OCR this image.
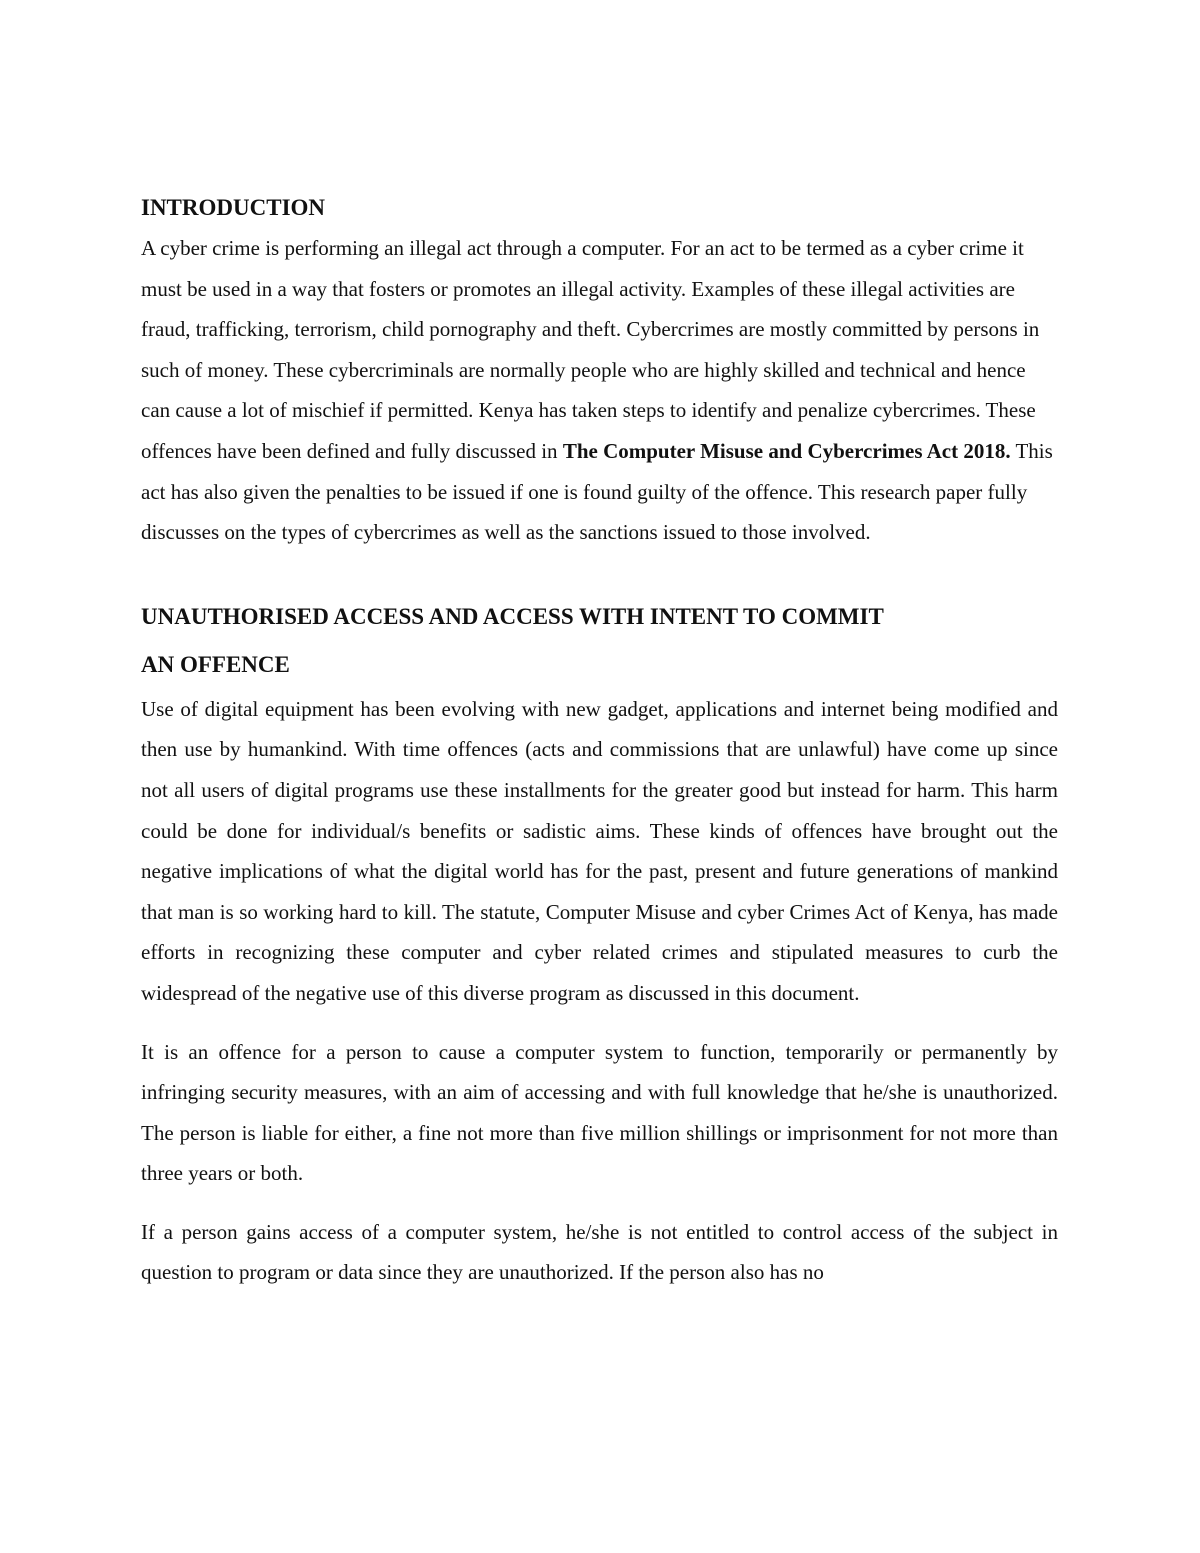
INTRODUCTION

A cyber crime is performing an illegal act through a computer. For an act to be termed as a cyber crime it must be used in a way that fosters or promotes an illegal activity. Examples of these illegal activities are fraud, trafficking, terrorism, child pornography and theft. Cybercrimes are mostly committed by persons in such of money. These cybercriminals are normally people who are highly skilled and technical and hence can cause a lot of mischief if permitted. Kenya has taken steps to identify and penalize cybercrimes. These offences have been defined and fully discussed in The Computer Misuse and Cybercrimes Act 2018. This act has also given the penalties to be issued if one is found guilty of the offence. This research paper fully discusses on the types of cybercrimes as well as the sanctions issued to those involved.

UNAUTHORISED ACCESS AND ACCESS WITH INTENT TO COMMIT
AN OFFENCE

Use of digital equipment has been evolving with new gadget, applications and internet being modified and then use by humankind. With time offences (acts and commissions that are unlawful) have come up since not all users of digital programs use these installments for the greater good but instead for harm. This harm could be done for individual/s benefits or sadistic aims. These kinds of offences have brought out the negative implications of what the digital world has for the past, present and future generations of mankind that man is so working hard to kill. The statute, Computer Misuse and cyber Crimes Act of Kenya, has made efforts in recognizing these computer and cyber related crimes and stipulated measures to curb the widespread of the negative use of this diverse program as discussed in this document.

It is an offence for a person to cause a computer system to function, temporarily or permanently by infringing security measures, with an aim of accessing and with full knowledge that he/she is unauthorized. The person is liable for either, a fine not more than five million shillings or imprisonment for not more than three years or both.

If a person gains access of a computer system, he/she is not entitled to control access of the subject in question to program or data since they are unauthorized. If the person also has no
